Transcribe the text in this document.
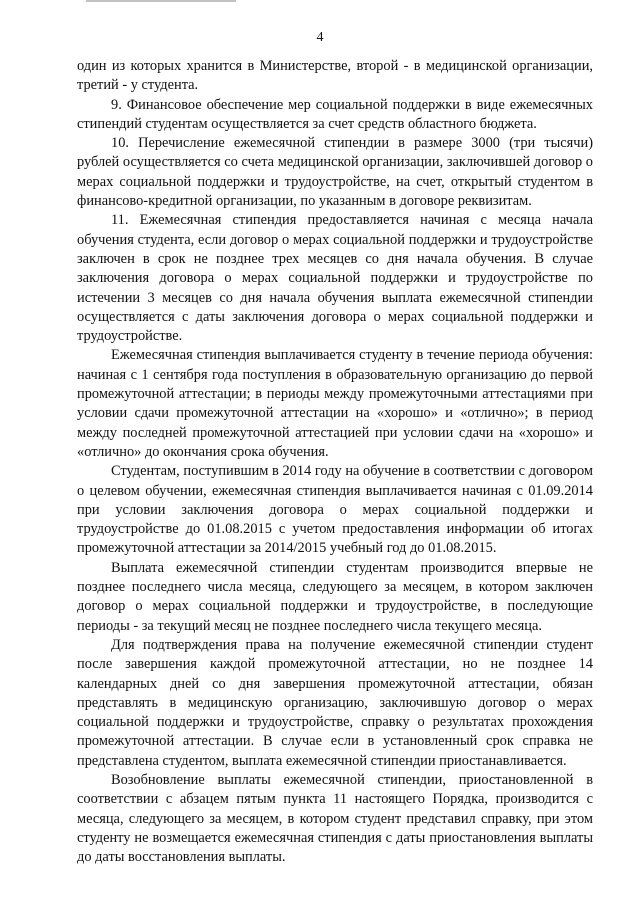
4

один из которых хранится в Министерстве, второй - в медицинской организации, третий - у студента.

9. Финансовое обеспечение мер социальной поддержки в виде ежемесячных стипендий студентам осуществляется за счет средств областного бюджета.

10. Перечисление ежемесячной стипендии в размере 3000 (три тысячи) рублей осуществляется со счета медицинской организации, заключившей договор о мерах социальной поддержки и трудоустройстве, на счет, открытый студентом в финансово-кредитной организации, по указанным в договоре реквизитам.

11. Ежемесячная стипендия предоставляется начиная с месяца начала обучения студента, если договор о мерах социальной поддержки и трудоустройстве заключен в срок не позднее трех месяцев со дня начала обучения. В случае заключения договора о мерах социальной поддержки и трудоустройстве по истечении 3 месяцев со дня начала обучения выплата ежемесячной стипендии осуществляется с даты заключения договора о мерах социальной поддержки и трудоустройстве.

Ежемесячная стипендия выплачивается студенту в течение периода обучения: начиная с 1 сентября года поступления в образовательную организацию до первой промежуточной аттестации; в периоды между промежуточными аттестациями при условии сдачи промежуточной аттестации на «хорошо» и «отлично»; в период между последней промежуточной аттестацией при условии сдачи на «хорошо» и «отлично» до окончания срока обучения.

Студентам, поступившим в 2014 году на обучение в соответствии с договором о целевом обучении, ежемесячная стипендия выплачивается начиная с 01.09.2014 при условии заключения договора о мерах социальной поддержки и трудоустройстве до 01.08.2015 с учетом предоставления информации об итогах промежуточной аттестации за 2014/2015 учебный год до 01.08.2015.

Выплата ежемесячной стипендии студентам производится впервые не позднее последнего числа месяца, следующего за месяцем, в котором заключен договор о мерах социальной поддержки и трудоустройстве, в последующие периоды - за текущий месяц не позднее последнего числа текущего месяца.

Для подтверждения права на получение ежемесячной стипендии студент после завершения каждой промежуточной аттестации, но не позднее 14 календарных дней со дня завершения промежуточной аттестации, обязан представлять в медицинскую организацию, заключившую договор о мерах социальной поддержки и трудоустройстве, справку о результатах прохождения промежуточной аттестации. В случае если в установленный срок справка не представлена студентом, выплата ежемесячной стипендии приостанавливается.

Возобновление выплаты ежемесячной стипендии, приостановленной в соответствии с абзацем пятым пункта 11 настоящего Порядка, производится с месяца, следующего за месяцем, в котором студент представил справку, при этом студенту не возмещается ежемесячная стипендия с даты приостановления выплаты до даты восстановления выплаты.
